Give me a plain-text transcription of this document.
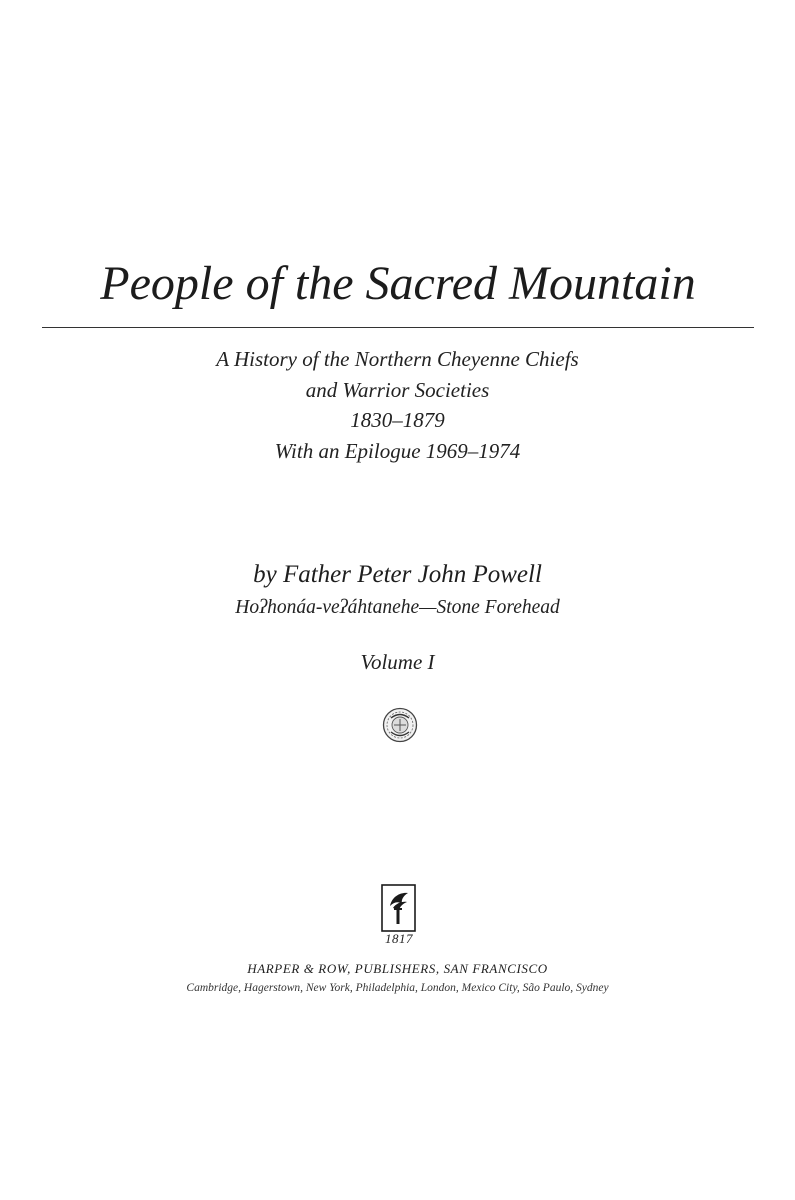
People of the Sacred Mountain
A History of the Northern Cheyenne Chiefs
and Warrior Societies
1830–1879
With an Epilogue 1969–1974
by Father Peter John Powell
Hoʔhonáa-veʔáhtanehe—Stone Forehead
Volume I
1817
HARPER & ROW, PUBLISHERS, SAN FRANCISCO
Cambridge, Hagerstown, New York, Philadelphia, London, Mexico City, São Paulo, Sydney
